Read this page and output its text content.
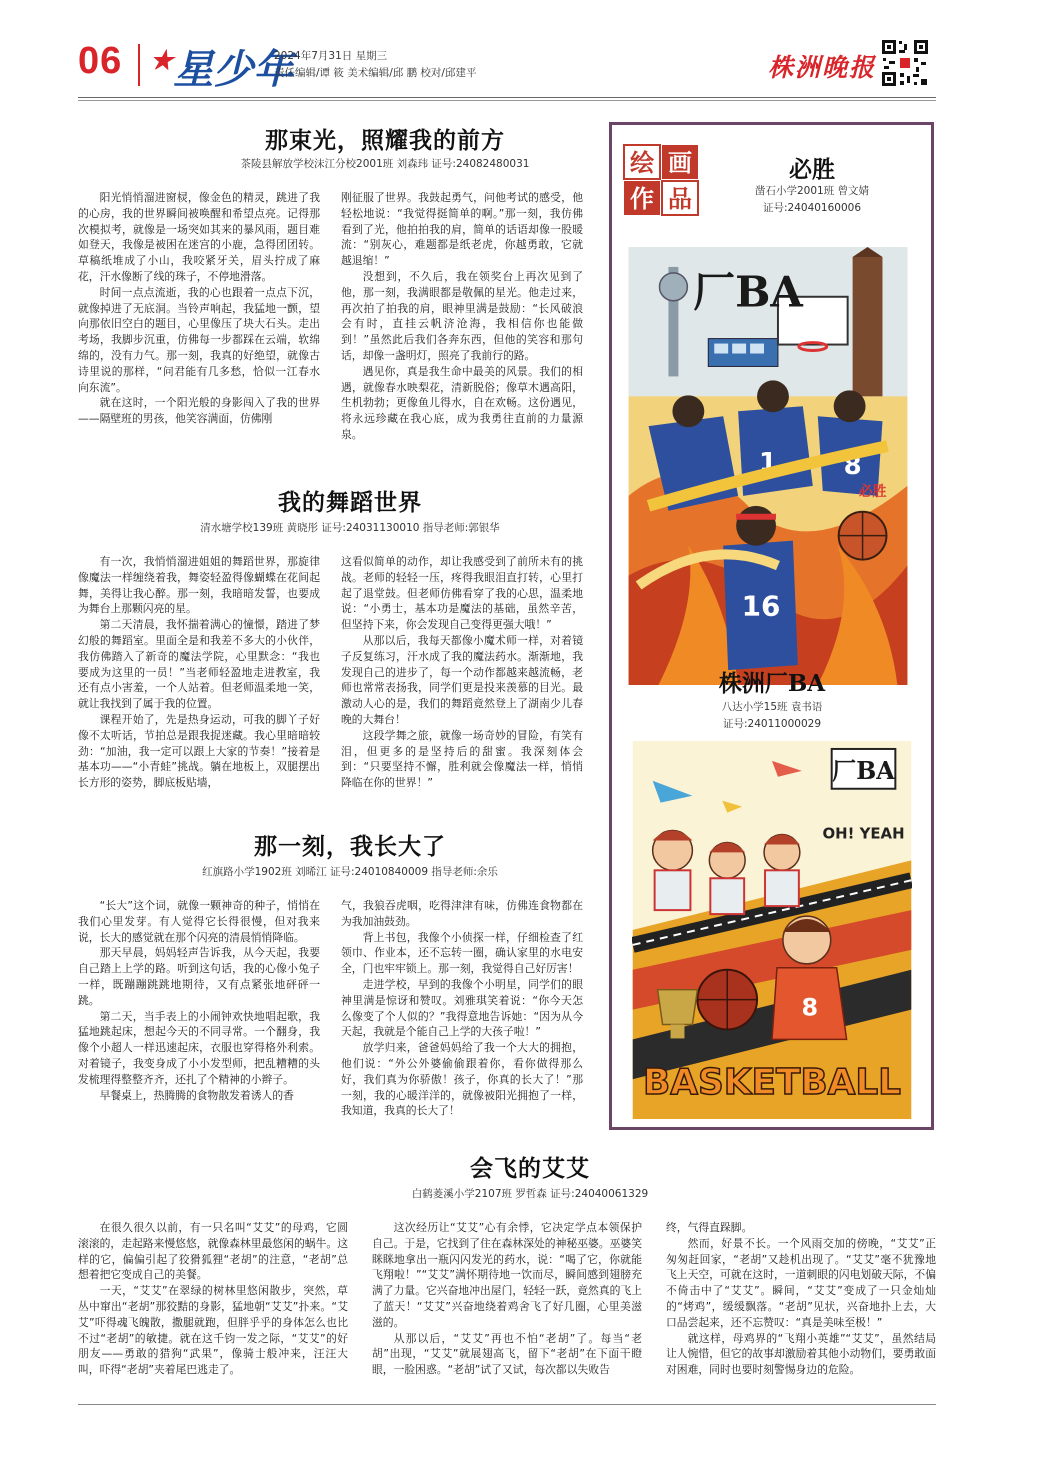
06 ★星少年
2024年7月31日 星期三
责任编辑/谭 筱 美术编辑/邱 鹏 校对/邱建平	株洲晚报
那束光，照耀我的前方
茶陵县解放学校沫江分校2001班 刘森玮 证号:24082480031

阳光悄悄溜进窗棂，像金色的精灵，跳进了我的心房，我的世界瞬间被唤醒和希望点亮。记得那次模拟考，就像是一场突如其来的暴风雨，题目难如登天，我像是被困在迷宫的小鹿，急得团团转。草稿纸堆成了小山，我咬紧牙关，眉头拧成了麻花，汗水像断了线的珠子，不停地滑落。

时间一点点流逝，我的心也跟着一点点下沉，就像掉进了无底洞。当铃声响起，我猛地一颤，望向那依旧空白的题目，心里像压了块大石头。走出考场，我脚步沉重，仿佛每一步都踩在云端，软绵绵的，没有力气。那一刻，我真的好绝望，就像古诗里说的那样，“问君能有几多愁，恰似一江春水向东流”。

就在这时，一个阳光般的身影闯入了我的世界——隔壁班的男孩，他笑容满面，仿佛刚

刚征服了世界。我鼓起勇气，问他考试的感受，他轻松地说：“我觉得挺简单的啊。”那一刻，我仿佛看到了光，他拍拍我的肩，简单的话语却像一股暖流：“别灰心，难题都是纸老虎，你越勇敢，它就越退缩！”

没想到，不久后，我在领奖台上再次见到了他，那一刻，我满眼都是敬佩的星光。他走过来，再次拍了拍我的肩，眼神里满是鼓励：“长风破浪会有时，直挂云帆济沧海，我相信你也能做到！”虽然此后我们各奔东西，但他的笑容和那句话，却像一盏明灯，照亮了我前行的路。

遇见你，真是我生命中最美的风景。我们的相遇，就像春水映梨花，清新脱俗；像草木遇高阳，生机勃勃；更像鱼儿得水，自在欢畅。这份遇见，将永远珍藏在我心底，成为我勇往直前的力量源泉。

我的舞蹈世界
清水塘学校139班 黄晓彤 证号:24031130010 指导老师:郭银华

有一次，我悄悄溜进姐姐的舞蹈世界，那旋律像魔法一样缠绕着我，舞姿轻盈得像蝴蝶在花间起舞，美得让我心醉。那一刻，我暗暗发誓，也要成为舞台上那颗闪亮的星。

第二天清晨，我怀揣着满心的憧憬，踏进了梦幻般的舞蹈室。里面全是和我差不多大的小伙伴，我仿佛踏入了新奇的魔法学院，心里默念：“我也要成为这里的一员！”当老师轻盈地走进教室，我还有点小害羞，一个人站着。但老师温柔地一笑，就让我找到了属于我的位置。

课程开始了，先是热身运动，可我的脚丫子好像不太听话，节拍总是跟我捉迷藏。我心里暗暗较劲：“加油，我一定可以跟上大家的节奏！”接着是基本功——“小青蛙”挑战。躺在地板上，双腿摆出长方形的姿势，脚底板贴墙，

这看似简单的动作，却让我感受到了前所未有的挑战。老师的轻轻一压，疼得我眼泪直打转，心里打起了退堂鼓。但老师仿佛看穿了我的心思，温柔地说：“小勇士，基本功是魔法的基础，虽然辛苦，但坚持下来，你会发现自己变得更强大哦！”

从那以后，我每天都像小魔术师一样，对着镜子反复练习，汗水成了我的魔法药水。渐渐地，我发现自己的进步了，每一个动作都越来越流畅，老师也常常表扬我，同学们更是投来羡慕的目光。最激动人心的是，我们的舞蹈竟然登上了湖南少儿春晚的大舞台！

这段学舞之旅，就像一场奇妙的冒险，有笑有泪，但更多的是坚持后的甜蜜。我深刻体会到：“只要坚持不懈，胜利就会像魔法一样，悄悄降临在你的世界！”

那一刻，我长大了
红旗路小学1902班 刘晞江 证号:24010840009 指导老师:余乐

“长大”这个词，就像一颗神奇的种子，悄悄在我们心里发芽。有人觉得它长得很慢，但对我来说，长大的感觉就在那个闪亮的清晨悄悄降临。

那天早晨，妈妈轻声告诉我，从今天起，我要自己踏上上学的路。听到这句话，我的心像小兔子一样，既蹦蹦跳跳地期待，又有点紧张地砰砰一跳。

第二天，当手表上的小闹钟欢快地唱起歌，我猛地跳起床，想起今天的不同寻常。一个翻身，我像个小超人一样迅速起床，衣服也穿得格外利索。对着镜子，我变身成了小小发型师，把乱糟糟的头发梳理得整整齐齐，还扎了个精神的小辫子。

早餐桌上，热腾腾的食物散发着诱人的香

气，我狼吞虎咽，吃得津津有味，仿佛连食物都在为我加油鼓劲。

背上书包，我像个小侦探一样，仔细检查了红领巾、作业本，还不忘转一圈，确认家里的水电安全，门也牢牢锁上。那一刻，我觉得自己好厉害！

走进学校，早到的我像个小明星，同学们的眼神里满是惊讶和赞叹。刘雅琪笑着说：“你今天怎么像变了个人似的？”我得意地告诉她：“因为从今天起，我就是个能自己上学的大孩子啦！”

放学归来，爸爸妈妈给了我一个大大的拥抱，他们说：“外公外婆偷偷跟着你，看你做得那么好，我们真为你骄傲！孩子，你真的长大了！”那一刻，我的心暖洋洋的，就像被阳光拥抱了一样，我知道，我真的长大了！

会飞的艾艾
白鹤菱溪小学2107班 罗哲森 证号:24040061329

在很久很久以前，有一只名叫“艾艾”的母鸡，它圆滚滚的，走起路来慢悠悠，就像森林里最悠闲的蜗牛。这样的它，偏偏引起了狡猾狐狸“老胡”的注意，“老胡”总想着把它变成自己的美餐。

一天，“艾艾”在翠绿的树林里悠闲散步，突然，草丛中窜出“老胡”那狡黠的身影，猛地朝“艾艾”扑来。“艾艾”吓得魂飞魄散，撒腿就跑，但胖乎乎的身体怎么也比不过“老胡”的敏捷。就在这千钧一发之际，“艾艾”的好朋友——勇敢的猎狗“武果”，像骑士般冲来，汪汪大叫，吓得“老胡”夹着尾巴逃走了。

这次经历让“艾艾”心有余悸，它决定学点本领保护自己。于是，它找到了住在森林深处的神秘巫婆。巫婆笑眯眯地拿出一瓶闪闪发光的药水，说：“喝了它，你就能飞翔啦！”“艾艾”满怀期待地一饮而尽，瞬间感到翅膀充满了力量。它兴奋地冲出屋门，轻轻一跃，竟然真的飞上了蓝天！“艾艾”兴奋地绕着鸡舍飞了好几圈，心里美滋滋的。

从那以后，“艾艾”再也不怕“老胡”了。每当“老胡”出现，“艾艾”就展翅高飞，留下“老胡”在下面干瞪眼，一脸困惑。“老胡”试了又试，每次都以失败告

终，气得直跺脚。

然而，好景不长。一个风雨交加的傍晚，“艾艾”正匆匆赶回家，“老胡”又趁机出现了。“艾艾”毫不犹豫地飞上天空，可就在这时，一道刺眼的闪电划破天际，不偏不倚击中了“艾艾”。瞬间，“艾艾”变成了一只金灿灿的“烤鸡”，缓缓飘落。“老胡”见状，兴奋地扑上去，大口品尝起来，还不忘赞叹：“真是美味至极！”

就这样，母鸡界的“飞翔小英雄”“艾艾”，虽然结局让人惋惜，但它的故事却激励着其他小动物们，要勇敢面对困难，同时也要时刻警惕身边的危险。

绘 画
作 品
必胜
凿石小学2001班 曾文婧
证号:24040160006
厂BA
1	8
16
必胜
株洲厂BA
八达小学15班 袁书语
证号:24011000029
厂BA
OH! YEAH
8
BASKETBALL
